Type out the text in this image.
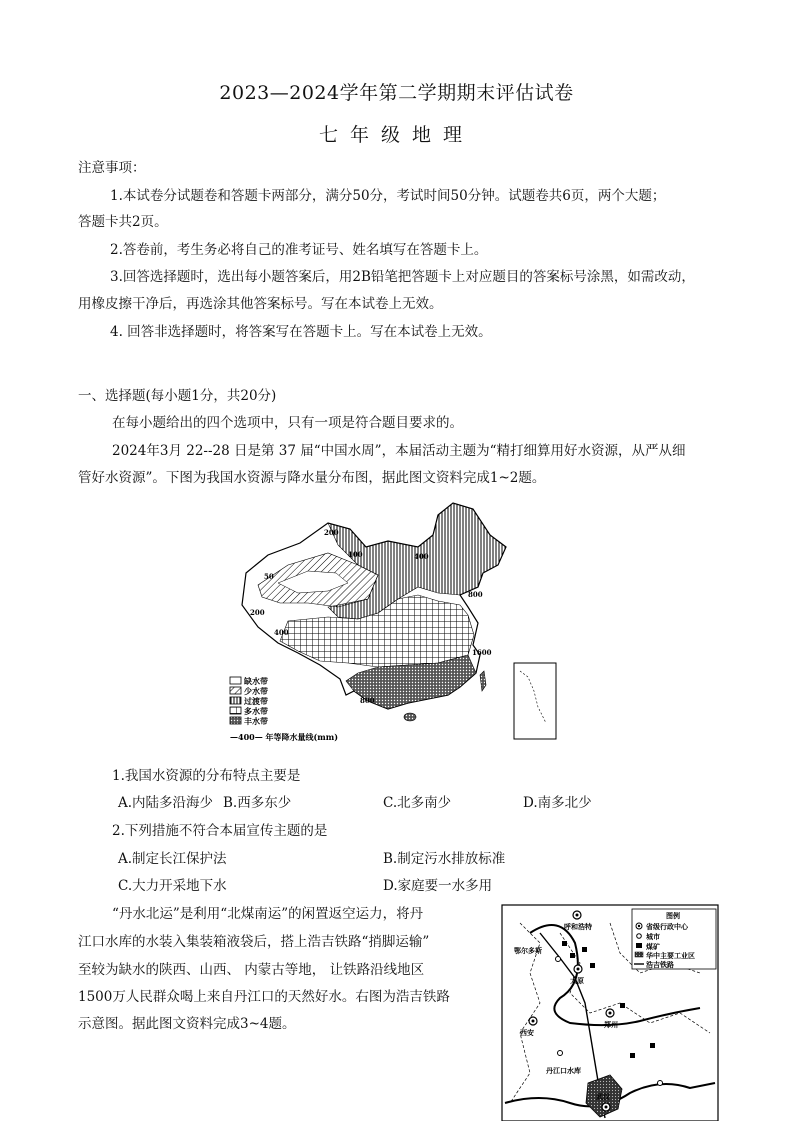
2023—2024学年第二学期期末评估试卷
七年级地理
注意事项：
1.本试卷分试题卷和答题卡两部分，满分50分，考试时间50分钟。试题卷共6页，两个大题；
答题卡共2页。
2.答卷前，考生务必将自己的准考证号、姓名填写在答题卡上。
3.回答选择题时，选出每小题答案后，用2B铅笔把答题卡上对应题目的答案标号涂黑，如需改动，
用橡皮擦干净后，再选涂其他答案标号。写在本试卷上无效。
4. 回答非选择题时，将答案写在答题卡上。写在本试卷上无效。
一、选择题(每小题1分，共20分)
在每小题给出的四个选项中，只有一项是符合题目要求的。
2024年3月 22--28 日是第 37 届“中国水周”，本届活动主题为“精打细算用好水资源，从严从细
管好水资源”。下图为我国水资源与降水量分布图，据此图文资料完成1~2题。
50
200
100	400
800
1600
200
400
800
缺水带
少水带
过渡带
多水带
丰水带
—400— 年等降水量线(mm)
1.我国水资源的分布特点主要是
A.内陆多沿海少 B.西多东少	C.北多南少	D.南多北少
2.下列措施不符合本届宣传主题的是
A.制定长江保护法	B.制定污水排放标准
C.大力开采地下水	D.家庭要一水多用
“丹水北运”是利用“北煤南运”的闲置返空运力，将丹
江口水库的水装入集装箱液袋后，搭上浩吉铁路“捎脚运输”
至较为缺水的陕西、山西、 内蒙古等地， 让铁路沿线地区
1500万人民群众喝上来自丹江口的天然好水。右图为浩吉铁路
示意图。据此图文资料完成3~4题。
呼和浩特
鄂尔多斯
太原
西安
郑州
丹江口水库
武汉
图例
省级行政中心
城市
煤矿
华中主要工业区
浩吉铁路
